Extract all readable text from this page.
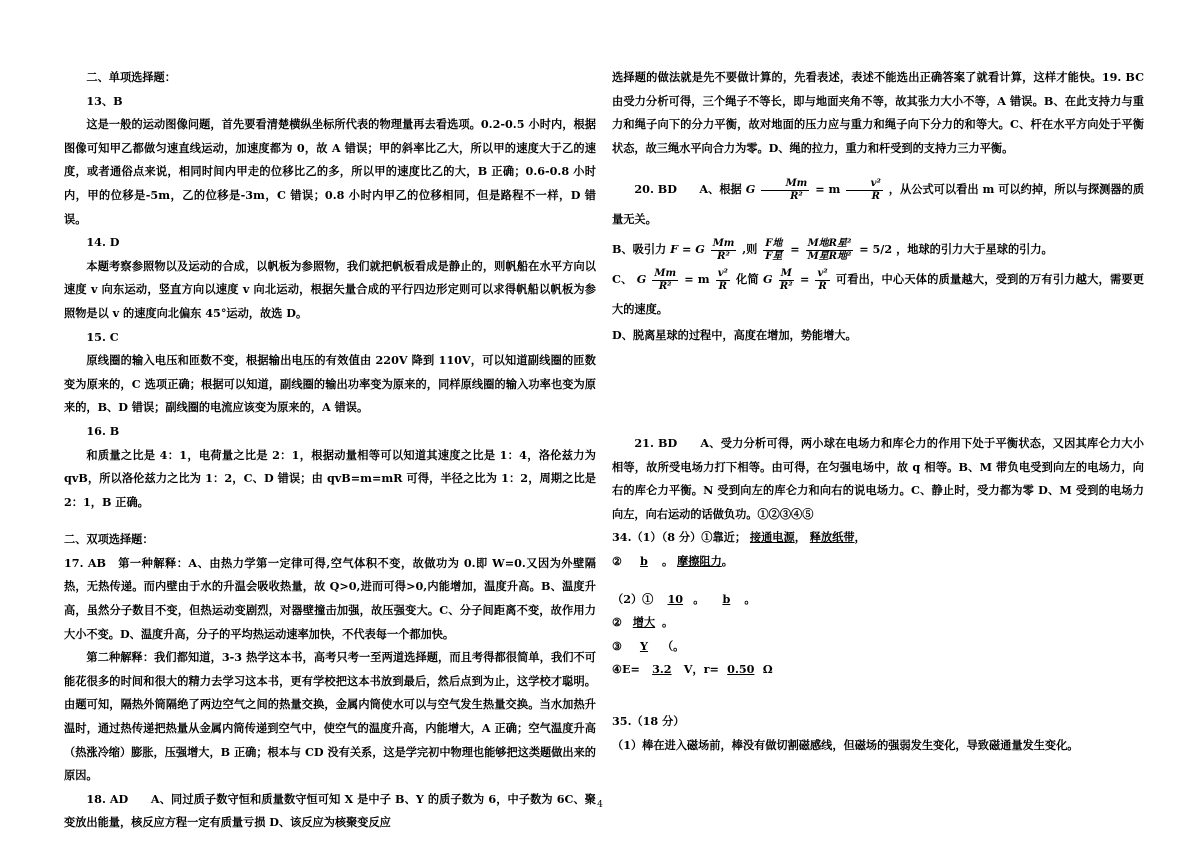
二、单项选择题：

13、B

这是一般的运动图像问题，首先要看清楚横纵坐标所代表的物理量再去看选项。0.2-0.5 小时内，根据图像可知甲乙都做匀速直线运动，加速度都为 0，故 A 错误；甲的斜率比乙大，所以甲的速度大于乙的速度，或者通俗点来说，相同时间内甲走的位移比乙的多，所以甲的速度比乙的大，B 正确；0.6-0.8 小时内，甲的位移是-5m，乙的位移是-3m，C 错误；0.8 小时内甲乙的位移相同，但是路程不一样，D 错误。

14. D

本题考察参照物以及运动的合成，以帆板为参照物，我们就把帆板看成是静止的，则帆船在水平方向以速度 v 向东运动，竖直方向以速度 v 向北运动，根据矢量合成的平行四边形定则可以求得帆船以帆板为参照物是以 v 的速度向北偏东 45°运动，故选 D。

15. C

原线圈的输入电压和匝数不变，根据输出电压的有效值由 220V 降到 110V，可以知道副线圈的匝数变为原来的，C 选项正确；根据可以知道，副线圈的输出功率变为原来的，同样原线圈的输入功率也变为原来的，B、D 错误；副线圈的电流应该变为原来的，A 错误。

16. B

和质量之比是 4：1，电荷量之比是 2：1，根据动量相等可以知道其速度之比是 1：4，洛伦兹力为 qvB，所以洛伦兹力之比为 1：2，C、D 错误；由 qvB=m=mR 可得，半径之比为 1：2，周期之比是 2：1，B 正确。

二、双项选择题：

17. AB　第一种解释：A、由热力学第一定律可得,空气体积不变，故做功为 0.即 W=0.又因为外壁隔热，无热传递。而内壁由于水的升温会吸收热量，故 Q>0,进而可得>0,内能增加，温度升高。B、温度升高，虽然分子数目不变，但热运动变剧烈，对器壁撞击加强，故压强变大。C、分子间距离不变，故作用力大小不变。D、温度升高，分子的平均热运动速率加快，不代表每一个都加快。

第二种解释：我们都知道，3-3 热学这本书，高考只考一至两道选择题，而且考得都很简单，我们不可能花很多的时间和很大的精力去学习这本书，更有学校把这本书放到最后，然后点到为止，这学校才聪明。由题可知，隔热外筒隔绝了两边空气之间的热量交换，金属内筒使水可以与空气发生热量交换。当水加热升温时，通过热传递把热量从金属内筒传递到空气中，使空气的温度升高，内能增大，A 正确；空气温度升高（热涨冷缩）膨胀，压强增大，B 正确；根本与 CD 没有关系，这是学完初中物理也能够把这类题做出来的原因。

18. AD　　A、同过质子数守恒和质量数守恒可知 X 是中子 B、Y 的质子数为 6，中子数为 6C、聚变放出能量，核反应方程一定有质量亏损 D、该反应为核聚变反应

选择题的做法就是先不要做计算的，先看表述，表述不能选出正确答案了就看计算，这样才能快。19. BC　　　由受力分析可得，三个绳子不等长，即与地面夹角不等，故其张力大小不等，A 错误。B、在此支持力与重力和绳子向下的分力平衡，故对地面的压力应与重力和绳子向下分力的和等大。C、杆在水平方向处于平衡状态，故三绳水平向合力为零。D、绳的拉力，重力和杆受到的支持力三力平衡。

20. BD　　A、根据 G $\frac{Mm}{\text{R²}} = m \frac{\text{v²}}{R}$ ，从公式可以看出 m 可以约掉，所以与探测器的质量无关。

B、吸引力 F = G $\frac{Mm}{\text{R²}}$ ,则 $\frac{\text{F地}}{\text{F星}} = \frac{\text{M地R星²}}{\text{M星R地²}} = 5/2$ ，地球的引力大于星球的引力。

C、 G $\frac{Mm}{\text{R²}} = m \frac{\text{v²}}{R}$ 化简 G $\frac{M}{\text{R²}} = \frac{\text{v²}}{R}$ 可看出，中心天体的质量越大，受到的万有引力越大，需要更大的速度。

D、脱离星球的过程中，高度在增加，势能增大。

21. BD　　A、受力分析可得，两小球在电场力和库仑力的作用下处于平衡状态，又因其库仑力大小相等，故所受电场力打下相等。由可得，在匀强电场中，故 q 相等。B、M 带负电受到向左的电场力，向右的库仑力平衡。N 受到向左的库仑力和向右的说电场力。C、静止时，受力都为零 D、M 受到的电场力向左，向右运动的话做负功。①②③④⑤

34.（1）（8 分）①靠近； 接通电源， 释放纸带，

② b 。 摩擦阻力。

（2）① 10 。 b 。

② 增大 。

③ Y （。

④E= 3.2 V，r= 0.50 Ω

35.（18 分）

（1）棒在进入磁场前，棒没有做切割磁感线，但磁场的强弱发生变化，导致磁通量发生变化。

4
